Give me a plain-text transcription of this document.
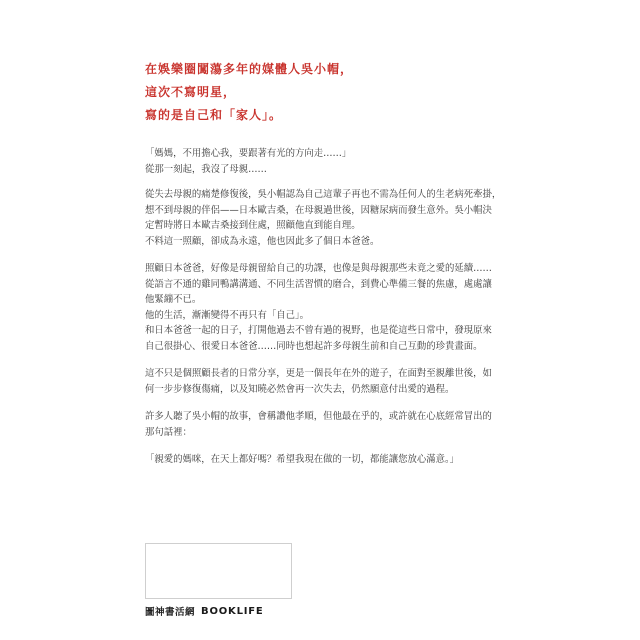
在娛樂圈闖蕩多年的媒體人吳小帽，
這次不寫明星，
寫的是自己和「家人」。

「媽媽，不用擔心我，要跟著有光的方向走……」

從那一刻起，我沒了母親……

從失去母親的痛楚修復後，吳小帽認為自己這輩子再也不需為任何人的生老病死牽掛，

想不到母親的伴侶——日本歐吉桑，在母親過世後，因糖尿病而發生意外。吳小帽決

定暫時將日本歐吉桑接到住處，照顧他直到能自理。

不料這一照顧，卻成為永遠，他也因此多了個日本爸爸。

照顧日本爸爸，好像是母親留給自己的功課，也像是與母親那些未竟之愛的延續……

從語言不通的雞同鴨講溝通、不同生活習慣的磨合，到費心準備三餐的焦慮，處處讓

他緊繃不已。

他的生活，漸漸變得不再只有「自己」。

和日本爸爸一起的日子，打開他過去不曾有過的視野，也是從這些日常中，發現原來

自己很掛心、很愛日本爸爸……同時也想起許多母親生前和自己互動的珍貴畫面。

這不只是個照顧長者的日常分享，更是一個長年在外的遊子，在面對至親離世後，如

何一步步修復傷痛，以及知曉必然會再一次失去，仍然願意付出愛的過程。

許多人聽了吳小帽的故事，會稱讚他孝順，但他最在乎的，或許就在心底經常冒出的

那句話裡：

「親愛的媽咪，在天上都好嗎？希望我現在做的一切，都能讓您放心滿意。」

圖神書活網 BOOKLIFE
